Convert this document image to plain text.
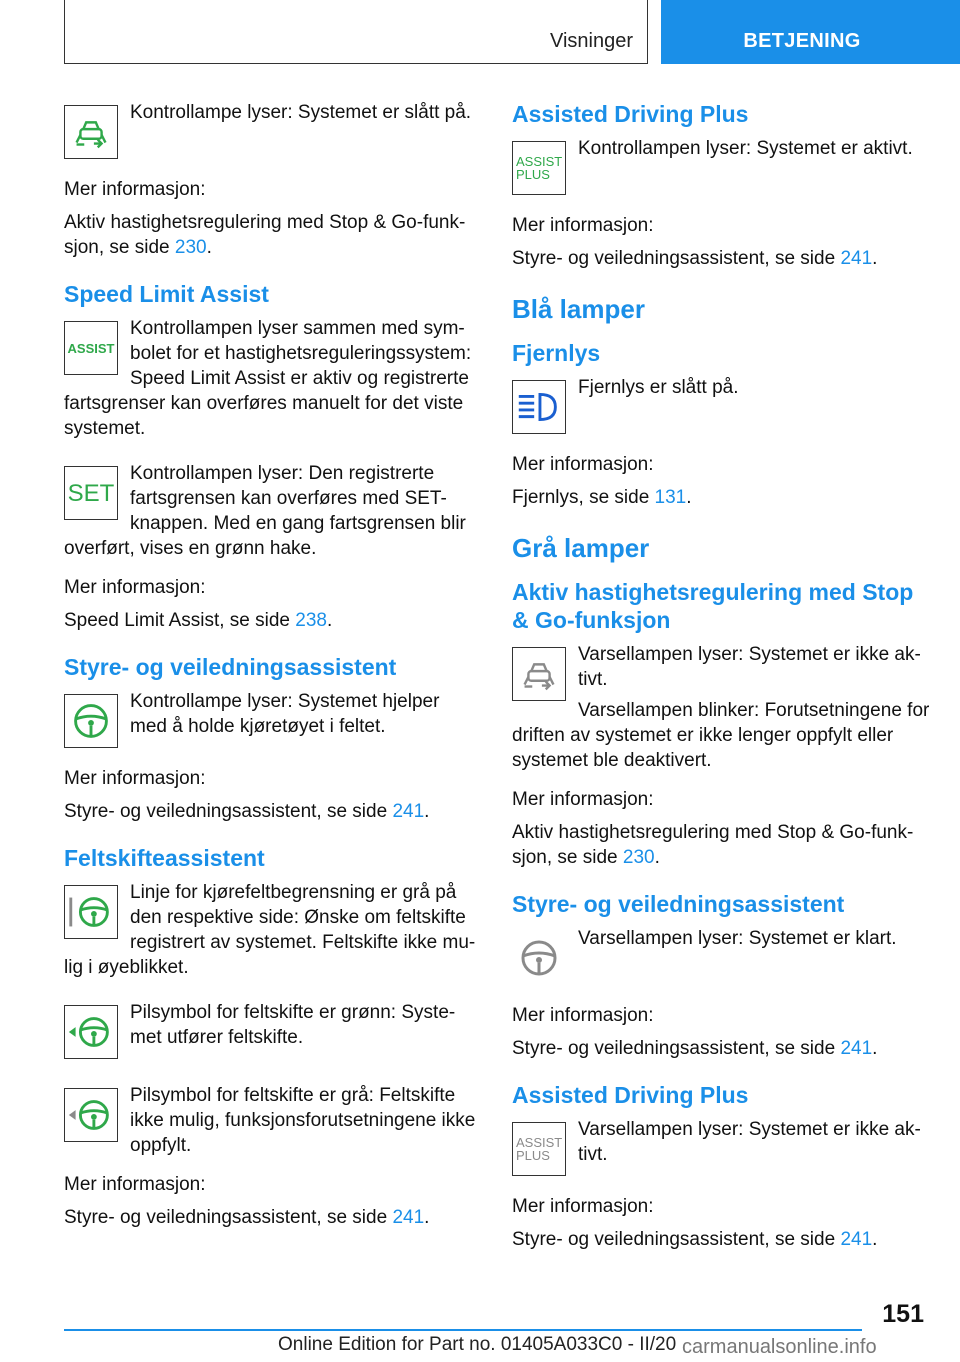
Visninger	BETJENING

Kontrollampe lyser: Systemet er slått på.

Mer informasjon:

Aktiv hastighetsregulering med Stop & Go-funk-sjon, se side 230.

Speed Limit Assist
ASSIST

Kontrollampen lyser sammen med sym-bolet for et hastighetsreguleringssystem: Speed Limit Assist er aktiv og registrerte fartsgrenser kan overføres manuelt for det viste systemet.

SET

Kontrollampen lyser: Den registrerte fartsgrensen kan overføres med SET-knappen. Med en gang fartsgrensen blir overført, vises en grønn hake.

Mer informasjon:

Speed Limit Assist, se side 238.

Styre- og veiledningsassistent

Kontrollampe lyser: Systemet hjelper med å holde kjøretøyet i feltet.

Mer informasjon:

Styre- og veiledningsassistent, se side 241.

Feltskifteassistent

Linje for kjørefeltbegrensning er grå på den respektive side: Ønske om feltskifte registrert av systemet. Feltskifte ikke mu-lig i øyeblikket.

Pilsymbol for feltskifte er grønn: Syste-met utfører feltskifte.

Pilsymbol for feltskifte er grå: Feltskifte ikke mulig, funksjonsforutsetningene ikke oppfylt.

Mer informasjon:

Styre- og veiledningsassistent, se side 241.

Assisted Driving Plus
ASSIST
PLUS

Kontrollampen lyser: Systemet er aktivt.

Mer informasjon:

Styre- og veiledningsassistent, se side 241.

Blå lamper
Fjernlys

Fjernlys er slått på.

Mer informasjon:

Fjernlys, se side 131.

Grå lamper
Aktiv hastighetsregulering med Stop & Go-funksjon

Varsellampen lyser: Systemet er ikke ak-tivt.

Varsellampen blinker: Forutsetningene for driften av systemet er ikke lenger oppfylt eller systemet ble deaktivert.

Mer informasjon:

Aktiv hastighetsregulering med Stop & Go-funk-sjon, se side 230.

Styre- og veiledningsassistent

Varsellampen lyser: Systemet er klart.

Mer informasjon:

Styre- og veiledningsassistent, se side 241.

Assisted Driving Plus
ASSIST
PLUS

Varsellampen lyser: Systemet er ikke ak-tivt.

Mer informasjon:

Styre- og veiledningsassistent, se side 241.

151
Online Edition for Part no. 01405A033C0 - II/20 carmanualsonline.info
